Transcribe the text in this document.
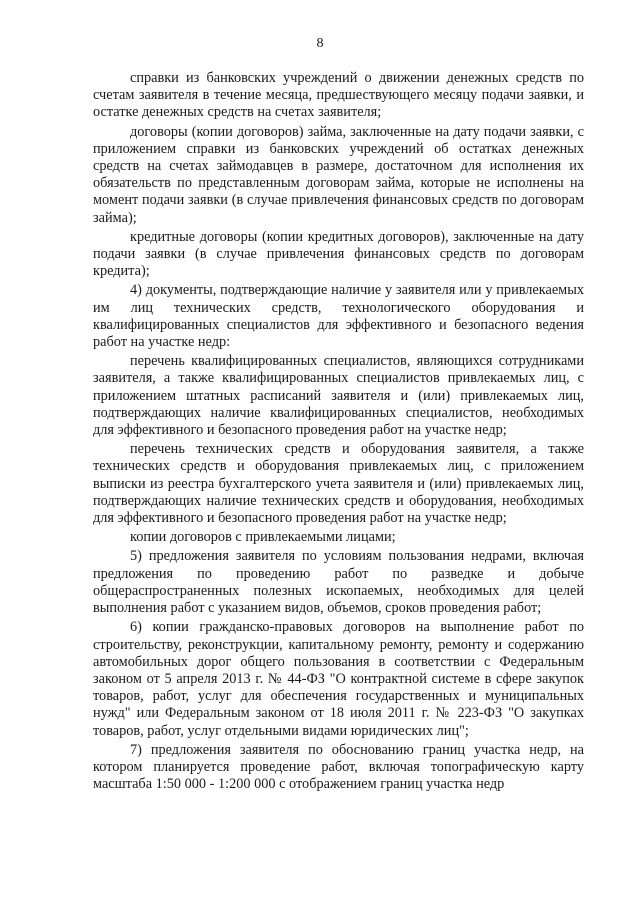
8

справки из банковских учреждений о движении денежных средств по счетам заявителя в течение месяца, предшествующего месяцу подачи заявки, и остатке денежных средств на счетах заявителя;

договоры (копии договоров) займа, заключенные на дату подачи заявки, с приложением справки из банковских учреждений об остатках денежных средств на счетах займодавцев в размере, достаточном для исполнения их обязательств по представленным договорам займа, которые не исполнены на момент подачи заявки (в случае привлечения финансовых средств по договорам займа);

кредитные договоры (копии кредитных договоров), заключенные на дату подачи заявки (в случае привлечения финансовых средств по договорам кредита);

4) документы, подтверждающие наличие у заявителя или у привлекаемых им лиц технических средств, технологического оборудования и квалифицированных специалистов для эффективного и безопасного ведения работ на участке недр:

перечень квалифицированных специалистов, являющихся сотрудниками заявителя, а также квалифицированных специалистов привлекаемых лиц, с приложением штатных расписаний заявителя и (или) привлекаемых лиц, подтверждающих наличие квалифицированных специалистов, необходимых для эффективного и безопасного проведения работ на участке недр;

перечень технических средств и оборудования заявителя, а также технических средств и оборудования привлекаемых лиц, с приложением выписки из реестра бухгалтерского учета заявителя и (или) привлекаемых лиц, подтверждающих наличие технических средств и оборудования, необходимых для эффективного и безопасного проведения работ на участке недр;

копии договоров с привлекаемыми лицами;

5) предложения заявителя по условиям пользования недрами, включая предложения по проведению работ по разведке и добыче общераспространенных полезных ископаемых, необходимых для целей выполнения работ с указанием видов, объемов, сроков проведения работ;

6) копии гражданско-правовых договоров на выполнение работ по строительству, реконструкции, капитальному ремонту, ремонту и содержанию автомобильных дорог общего пользования в соответствии с Федеральным законом от 5 апреля 2013 г. № 44-ФЗ "О контрактной системе в сфере закупок товаров, работ, услуг для обеспечения государственных и муниципальных нужд" или Федеральным законом от 18 июля 2011 г. № 223-ФЗ "О закупках товаров, работ, услуг отдельными видами юридических лиц";

7) предложения заявителя по обоснованию границ участка недр, на котором планируется проведение работ, включая топографическую карту масштаба 1:50 000 - 1:200 000 с отображением границ участка недр
